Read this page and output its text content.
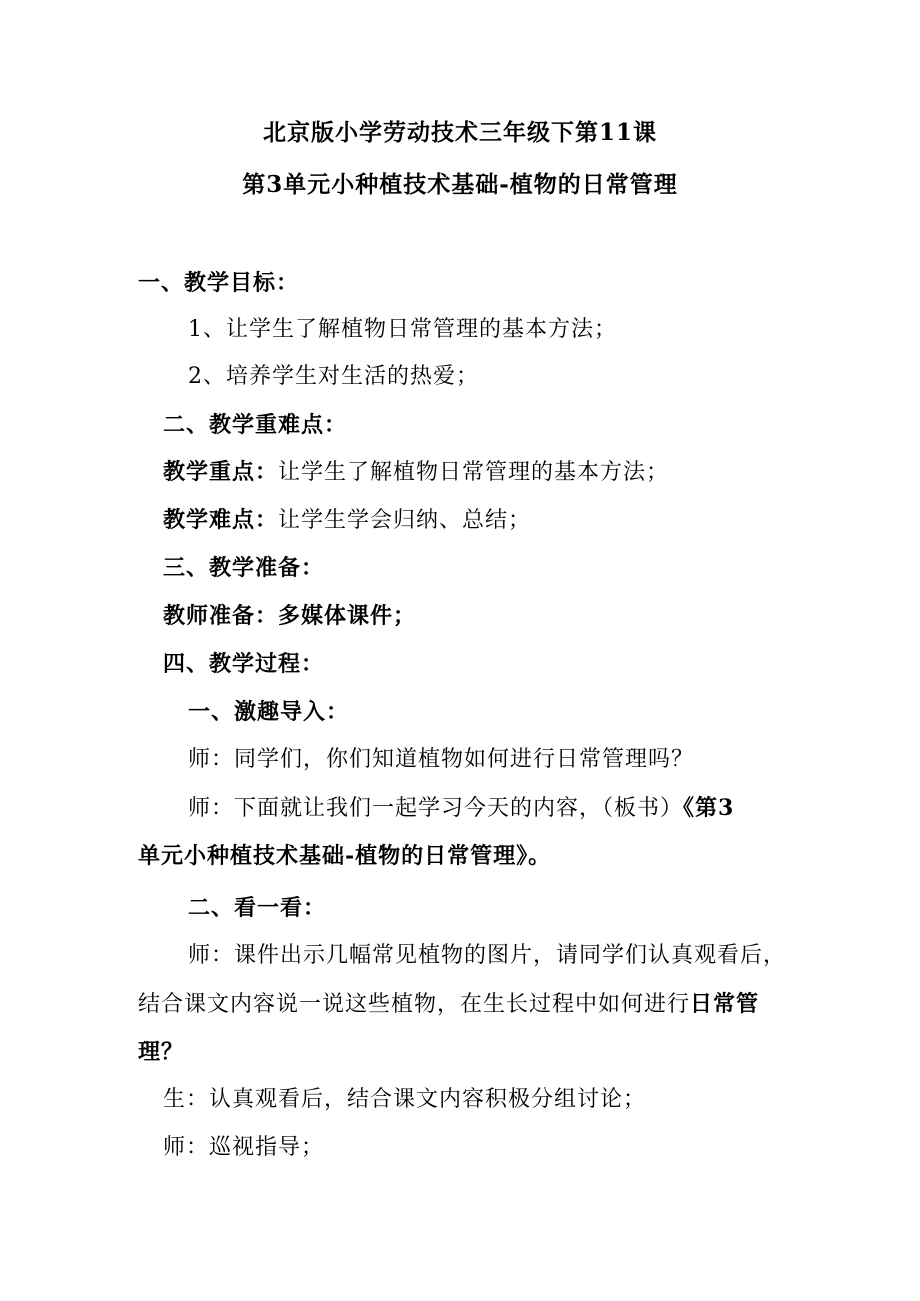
北京版小学劳动技术三年级下第11课
第3单元小种植技术基础-植物的日常管理
一、教学目标：
1、让学生了解植物日常管理的基本方法；
2、培养学生对生活的热爱；
二、教学重难点：
教学重点：让学生了解植物日常管理的基本方法；
教学难点：让学生学会归纳、总结；
三、教学准备：
教师准备：多媒体课件；
四、教学过程：
一、激趣导入：
师：同学们，你们知道植物如何进行日常管理吗？
师：下面就让我们一起学习今天的内容，（板书）《第3
单元小种植技术基础-植物的日常管理》。
二、看一看：
师：课件出示几幅常见植物的图片，请同学们认真观看后，
结合课文内容说一说这些植物，在生长过程中如何进行日常管
理？
生：认真观看后，结合课文内容积极分组讨论；
师：巡视指导；
